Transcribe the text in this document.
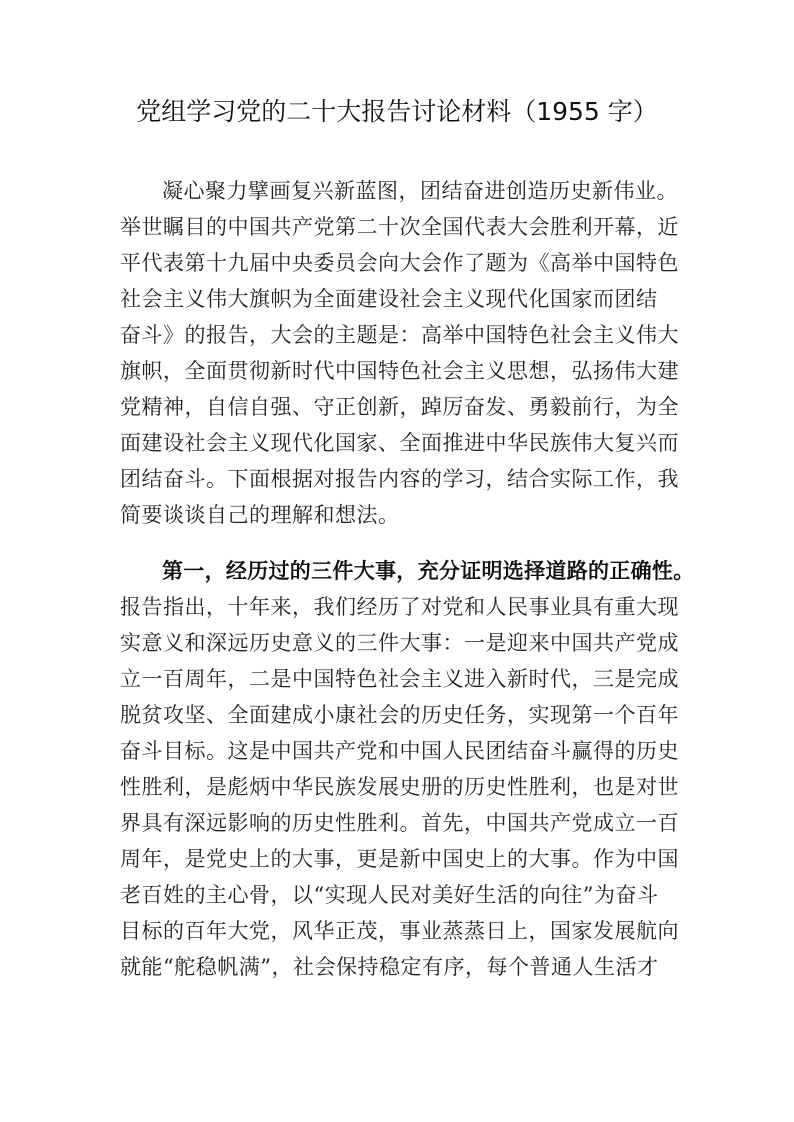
党组学习党的二十大报告讨论材料（1955 字）
凝心聚力擘画复兴新蓝图，团结奋进创造历史新伟业。
举世瞩目的中国共产党第二十次全国代表大会胜利开幕，近
平代表第十九届中央委员会向大会作了题为《高举中国特色
社会主义伟大旗帜为全面建设社会主义现代化国家而团结
奋斗》的报告，大会的主题是：高举中国特色社会主义伟大
旗帜，全面贯彻新时代中国特色社会主义思想，弘扬伟大建
党精神，自信自强、守正创新，踔厉奋发、勇毅前行，为全
面建设社会主义现代化国家、全面推进中华民族伟大复兴而
团结奋斗。下面根据对报告内容的学习，结合实际工作，我
简要谈谈自己的理解和想法。
第一，经历过的三件大事，充分证明选择道路的正确性。
报告指出，十年来，我们经历了对党和人民事业具有重大现
实意义和深远历史意义的三件大事：一是迎来中国共产党成
立一百周年，二是中国特色社会主义进入新时代，三是完成
脱贫攻坚、全面建成小康社会的历史任务，实现第一个百年
奋斗目标。这是中国共产党和中国人民团结奋斗赢得的历史
性胜利，是彪炳中华民族发展史册的历史性胜利，也是对世
界具有深远影响的历史性胜利。首先，中国共产党成立一百
周年，是党史上的大事，更是新中国史上的大事。作为中国
老百姓的主心骨，以“实现人民对美好生活的向往”为奋斗
目标的百年大党，风华正茂，事业蒸蒸日上，国家发展航向
就能“舵稳帆满”，社会保持稳定有序，每个普通人生活才
